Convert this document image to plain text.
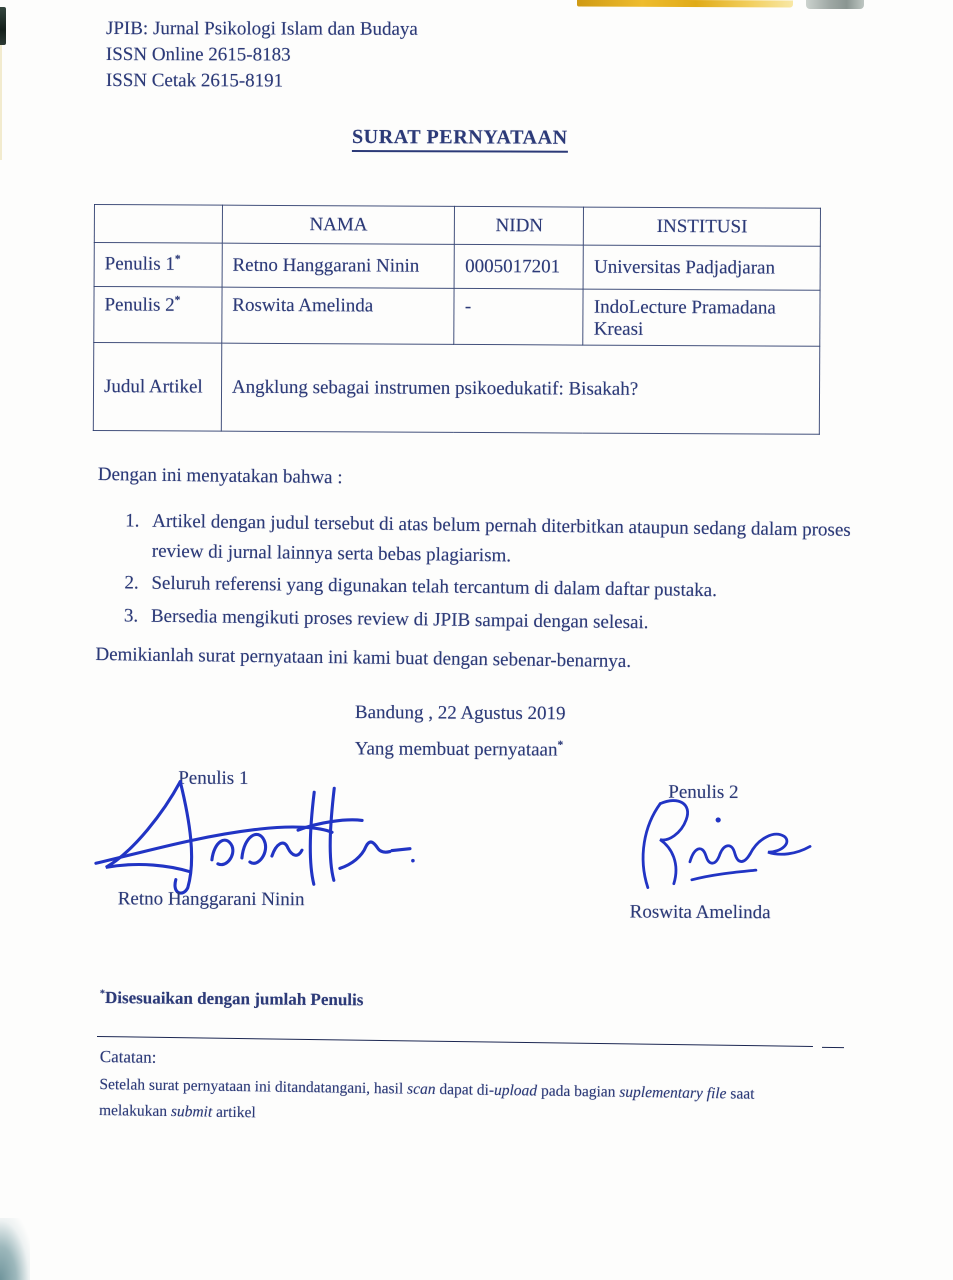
JPIB: Jurnal Psikologi Islam dan Budaya
ISSN Online 2615-8183
ISSN Cetak 2615-8191
SURAT PERNYATAAN
	NAMA	NIDN	INSTITUSI
Penulis 1*	Retno Hanggarani Ninin	0005017201	Universitas Padjadjaran
Penulis 2*	Roswita Amelinda	-	IndoLecture Pramadana Kreasi
Judul Artikel	Angklung sebagai instrumen psikoedukatif: Bisakah?		

Dengan ini menyatakan bahwa :

1. Artikel dengan judul tersebut di atas belum pernah diterbitkan ataupun sedang dalam proses review di jurnal lainnya serta bebas plagiarism.
2. Seluruh referensi yang digunakan telah tercantum di dalam daftar pustaka.
3. Bersedia mengikuti proses review di JPIB sampai dengan selesai.

Demikianlah surat pernyataan ini kami buat dengan sebenar-benarnya.

Bandung , 22 Agustus 2019
Yang membuat pernyataan*
Penulis 1
Retno Hanggarani Ninin
Penulis 2
Roswita Amelinda
*Disesuaikan dengan jumlah Penulis
Catatan:

Setelah surat pernyataan ini ditandatangani, hasil scan dapat di-upload pada bagian suplementary file saat

melakukan submit artikel
